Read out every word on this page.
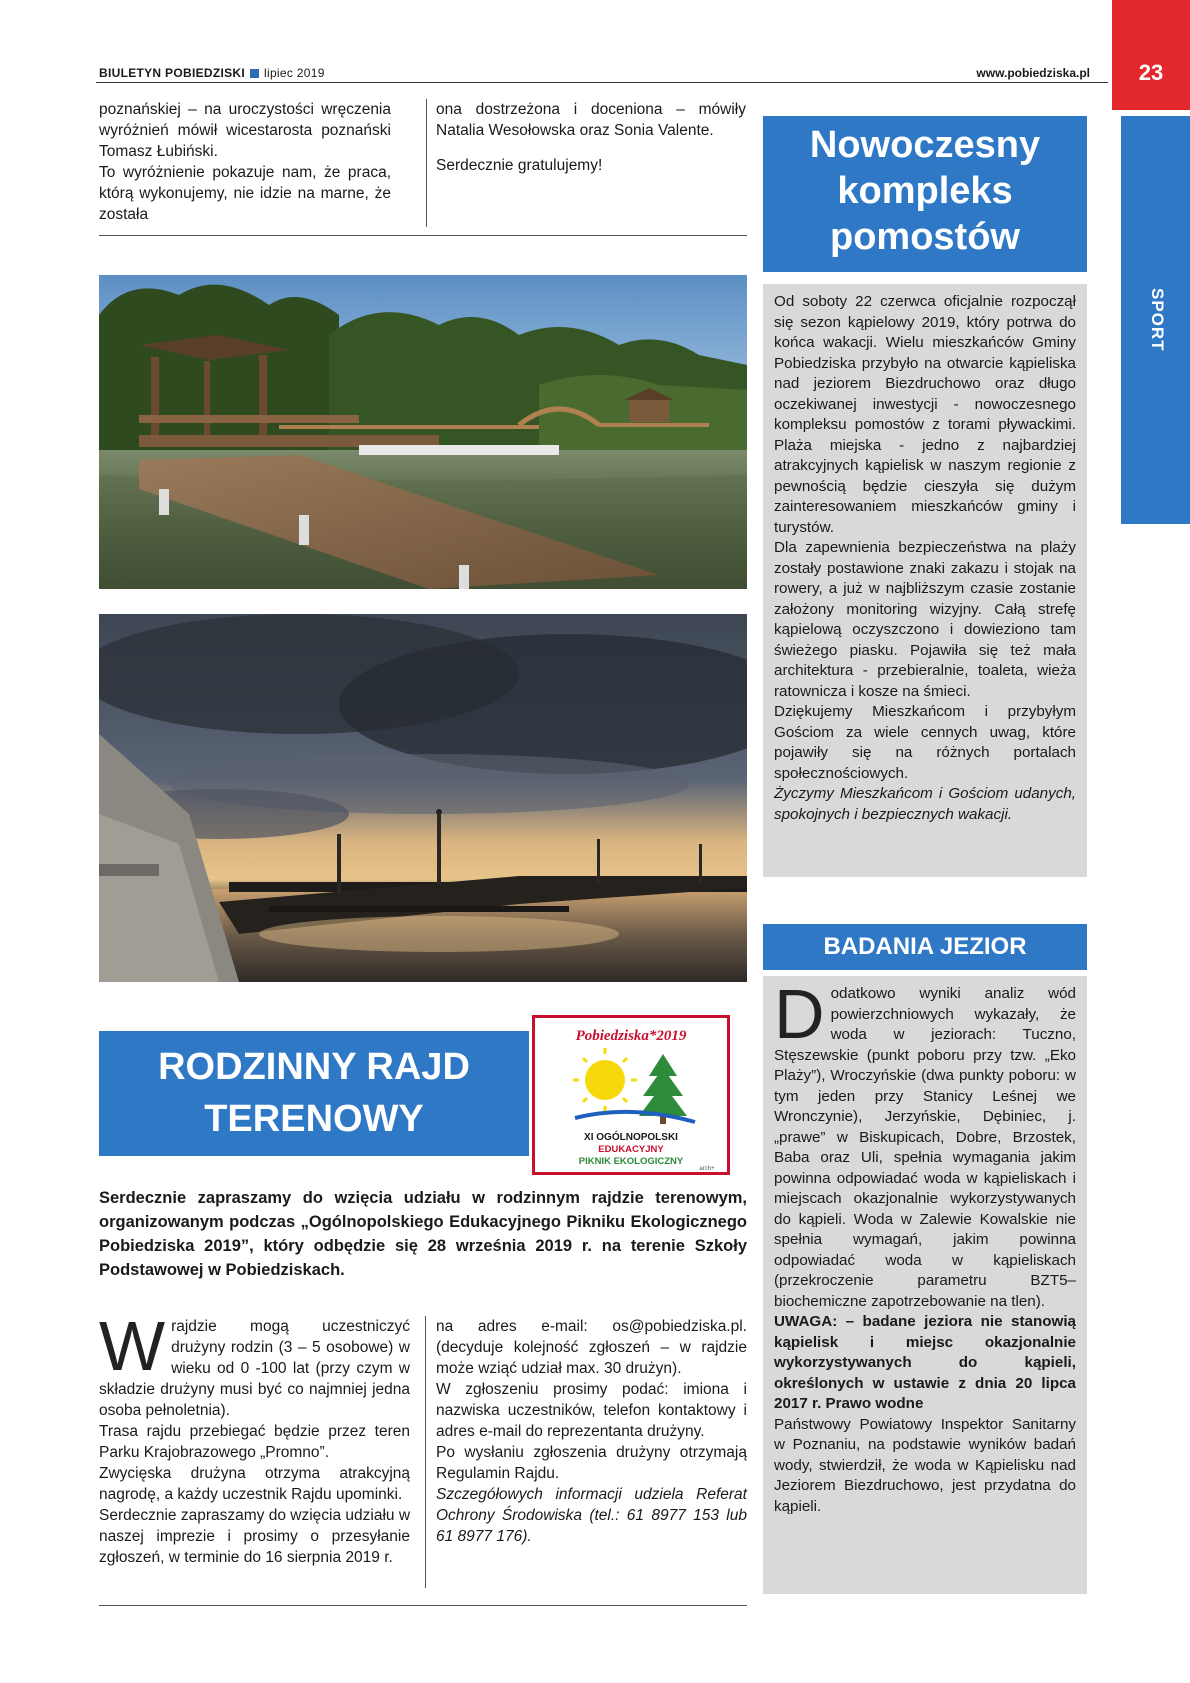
BIULETYN POBIEDZISKI lipiec 2019	www.pobiedziska.pl	23
SPORT

poznańskiej – na uroczystości wręczenia wyróżnień mówił wicestarosta poznański Tomasz Łubiński.

To wyróżnienie pokazuje nam, że praca, którą wykonujemy, nie idzie na marne, że została

ona dostrzeżona i doceniona – mówiły Natalia Wesołowska oraz Sonia Valente.

Serdecznie gratulujemy!	Nowoczesny kompleks pomostów

Od soboty 22 czerwca oficjalnie rozpoczął się sezon kąpielowy 2019, który potrwa do końca wakacji. Wielu mieszkańców Gminy Pobiedziska przybyło na otwarcie kąpieliska nad jeziorem Biezdruchowo oraz długo oczekiwanej inwestycji - nowoczesnego kompleksu pomostów z torami pływackimi. Plaża miejska - jedno z najbardziej atrakcyjnych kąpielisk w naszym regionie z pewnością będzie cieszyła się dużym zainteresowaniem mieszkańców gminy i turystów.

Dla zapewnienia bezpieczeństwa na plaży zostały postawione znaki zakazu i stojak na rowery, a już w najbliższym czasie zostanie założony monitoring wizyjny. Całą strefę kąpielową oczyszczono i dowieziono tam świeżego piasku. Pojawiła się też mała architektura - przebieralnie, toaleta, wieża ratownicza i kosze na śmieci.

Dziękujemy Mieszkańcom i przybyłym Gościom za wiele cennych uwag, które pojawiły się na różnych portalach społecznościowych.

Życzymy Mieszkańcom i Gościom udanych, spokojnych i bezpiecznych wakacji.

BADANIA JEZIOR

Dodatkowo wyniki analiz wód powierzchniowych wykazały, że woda w jeziorach: Tuczno, Stęszewskie (punkt poboru przy tzw. „Eko Plaży”), Wroczyńskie (dwa punkty poboru: w tym jeden przy Stanicy Leśnej we Wronczynie), Jerzyńskie, Dębiniec, j. „prawe” w Biskupicach, Dobre, Brzostek, Baba oraz Uli, spełnia wymagania jakim powinna odpowiadać woda w kąpieliskach i miejscach okazjonalnie wykorzystywanych do kąpieli. Woda w Zalewie Kowalskie nie spełnia wymagań, jakim powinna odpowiadać woda w kąpieliskach (przekroczenie parametru BZT5– biochemiczne zapotrzebowanie na tlen).

UWAGA: – badane jeziora nie stanowią kąpielisk i miejsc okazjonalnie wykorzystywanych do kąpieli, określonych w ustawie z dnia 20 lipca 2017 r. Prawo wodne

Państwowy Powiatowy Inspektor Sanitarny w Poznaniu, na podstawie wyników badań wody, stwierdził, że woda w Kąpielisku nad Jeziorem Biezdruchowo, jest przydatna do kąpieli.

RODZINNY RAJD
TERENOWY
Pobiedziska*2019
XI OGÓLNOPOLSKI
EDUKACYJNY
PIKNIK EKOLOGICZNY
arch+
Serdecznie zapraszamy do wzięcia udziału w rodzinnym rajdzie terenowym, organizowanym podczas „Ogólnopolskiego Edukacyjnego Pikniku Ekologicznego Pobiedziska 2019”, który odbędzie się 28 września 2019 r. na terenie Szkoły Podstawowej w Pobiedziskach.

Wrajdzie mogą uczestniczyć drużyny rodzin (3 – 5 osobowe) w wieku od 0 -100 lat (przy czym w składzie drużyny musi być co najmniej jedna osoba pełnoletnia).

Trasa rajdu przebiegać będzie przez teren Parku Krajobrazowego „Promno”.

Zwycięska drużyna otrzyma atrakcyjną nagrodę, a każdy uczestnik Rajdu upominki.

Serdecznie zapraszamy do wzięcia udziału w naszej imprezie i prosimy o przesyłanie zgłoszeń, w terminie do 16 sierpnia 2019 r.

na adres e-mail: os@pobiedziska.pl. (decyduje kolejność zgłoszeń – w rajdzie może wziąć udział max. 30 drużyn).

W zgłoszeniu prosimy podać: imiona i nazwiska uczestników, telefon kontaktowy i adres e-mail do reprezentanta drużyny.

Po wysłaniu zgłoszenia drużyny otrzymają Regulamin Rajdu.

Szczegółowych informacji udziela Referat Ochrony Środowiska (tel.: 61 8977 153 lub 61 8977 176).
